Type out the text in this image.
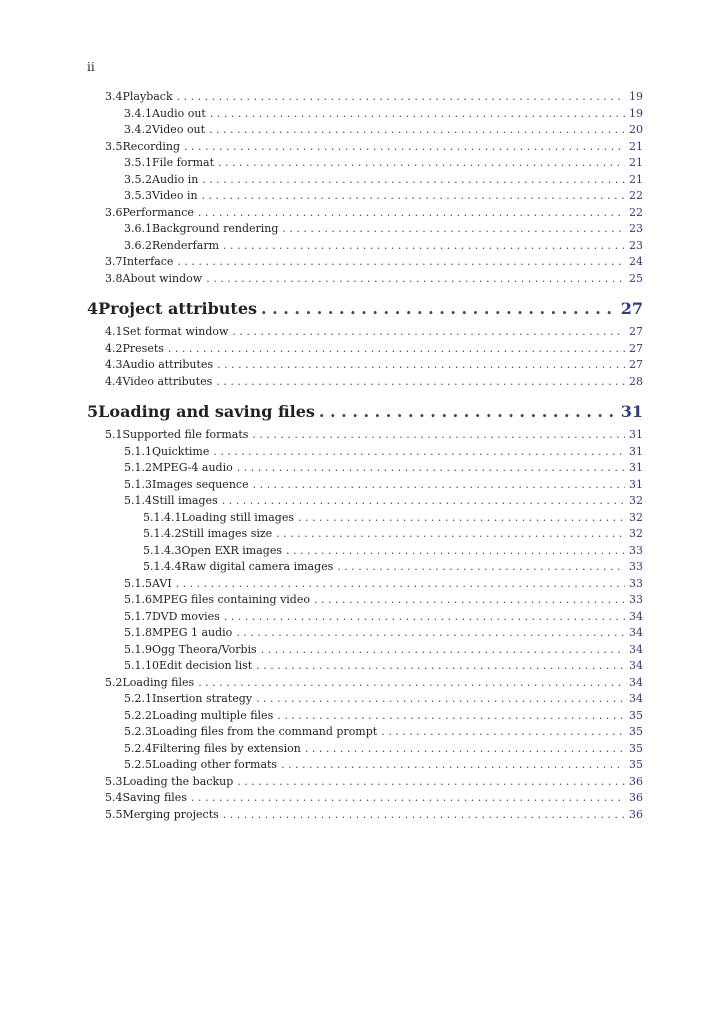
ii
3.4 Playback . . .	19
3.4.1 Audio out . . .	19
3.4.2 Video out . . .	20
3.5 Recording . . .	21
3.5.1 File format . . .	21
3.5.2 Audio in . . .	21
3.5.3 Video in . . .	22
3.6 Performance . . .	22
3.6.1 Background rendering . . .	23
3.6.2 Renderfarm . . .	23
3.7 Interface . . .	24
3.8 About window . . .	25
4 Project attributes . . .	27
4.1 Set format window . . .	27
4.2 Presets . . .	27
4.3 Audio attributes . . .	27
4.4 Video attributes . . .	28
5 Loading and saving files . . .	31
5.1 Supported file formats . . .	31
5.1.1 Quicktime . . .	31
5.1.2 MPEG-4 audio . . .	31
5.1.3 Images sequence . . .	31
5.1.4 Still images . . .	32
5.1.4.1 Loading still images . . .	32
5.1.4.2 Still images size . . .	32
5.1.4.3 Open EXR images . . .	33
5.1.4.4 Raw digital camera images . . .	33
5.1.5 AVI . . .	33
5.1.6 MPEG files containing video . . .	33
5.1.7 DVD movies . . .	34
5.1.8 MPEG 1 audio . . .	34
5.1.9 Ogg Theora/Vorbis . . .	34
5.1.10 Edit decision list . . .	34
5.2 Loading files . . .	34
5.2.1 Insertion strategy . . .	34
5.2.2 Loading multiple files . . .	35
5.2.3 Loading files from the command prompt . . .	35
5.2.4 Filtering files by extension . . .	35
5.2.5 Loading other formats . . .	35
5.3 Loading the backup . . .	36
5.4 Saving files . . .	36
5.5 Merging projects . . .	36
